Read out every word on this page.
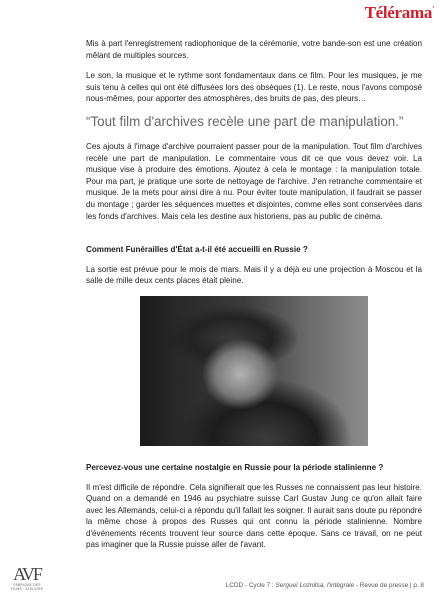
Télérama'

Mis à part l'enregistrement radiophonique de la cérémonie, votre bande-son est une création mêlant de multiples sources.

Le son, la musique et le rythme sont fondamentaux dans ce film. Pour les musiques, je me suis tenu à celles qui ont été diffusées lors des obsèques (1). Le reste, nous l'avons composé nous-mêmes, pour apporter des atmosphères, des bruits de pas, des pleurs…

“Tout film d'archives recèle une part de manipulation.”

Ces ajouts à l'image d'archive pourraient passer pour de la manipulation. Tout film d'archives recèle une part de manipulation. Le commentaire vous dit ce que vous devez voir. La musique vise à produire des émotions. Ajoutez à cela le montage : la manipulation totale. Pour ma part, je pratique une sorte de nettoyage de l'archive. J'en retranche commentaire et musique. Je la mets pour ainsi dire à nu. Pour éviter toute manipulation, il faudrait se passer du montage ; garder les séquences muettes et disjointes, comme elles sont conservées dans les fonds d'archives. Mais cela les destine aux historiens, pas au public de cinéma.

Comment Funérailles d'État a-t-il été accueilli en Russie ?

La sortie est prévue pour le mois de mars. Mais il y a déjà eu une projection à Moscou et la salle de mille deux cents places était pleine.

Percevez-vous une certaine nostalgie en Russie pour la période stalinienne ?

Il m'est difficile de répondre. Cela signifierait que les Russes ne connaissent pas leur histoire. Quand on a demandé en 1946 au psychiatre suisse Carl Gustav Jung ce qu'on allait faire avec les Allemands, celui-ci a répondu qu'il fallait les soigner. Il aurait sans doute pu répondre la même chose à propos des Russes qui ont connu la période stalinienne. Nombre d'événements récents trouvent leur source dans cette époque. Sans ce travail, on ne peut pas imaginer que la Russie puisse aller de l'avant.

AVF
FABRIQUE DES FILMS · ATELIERS	LCDD - Cycle 7 : Sergueï Loznitsa, l'intégrale - Revue de presse | p. 8
